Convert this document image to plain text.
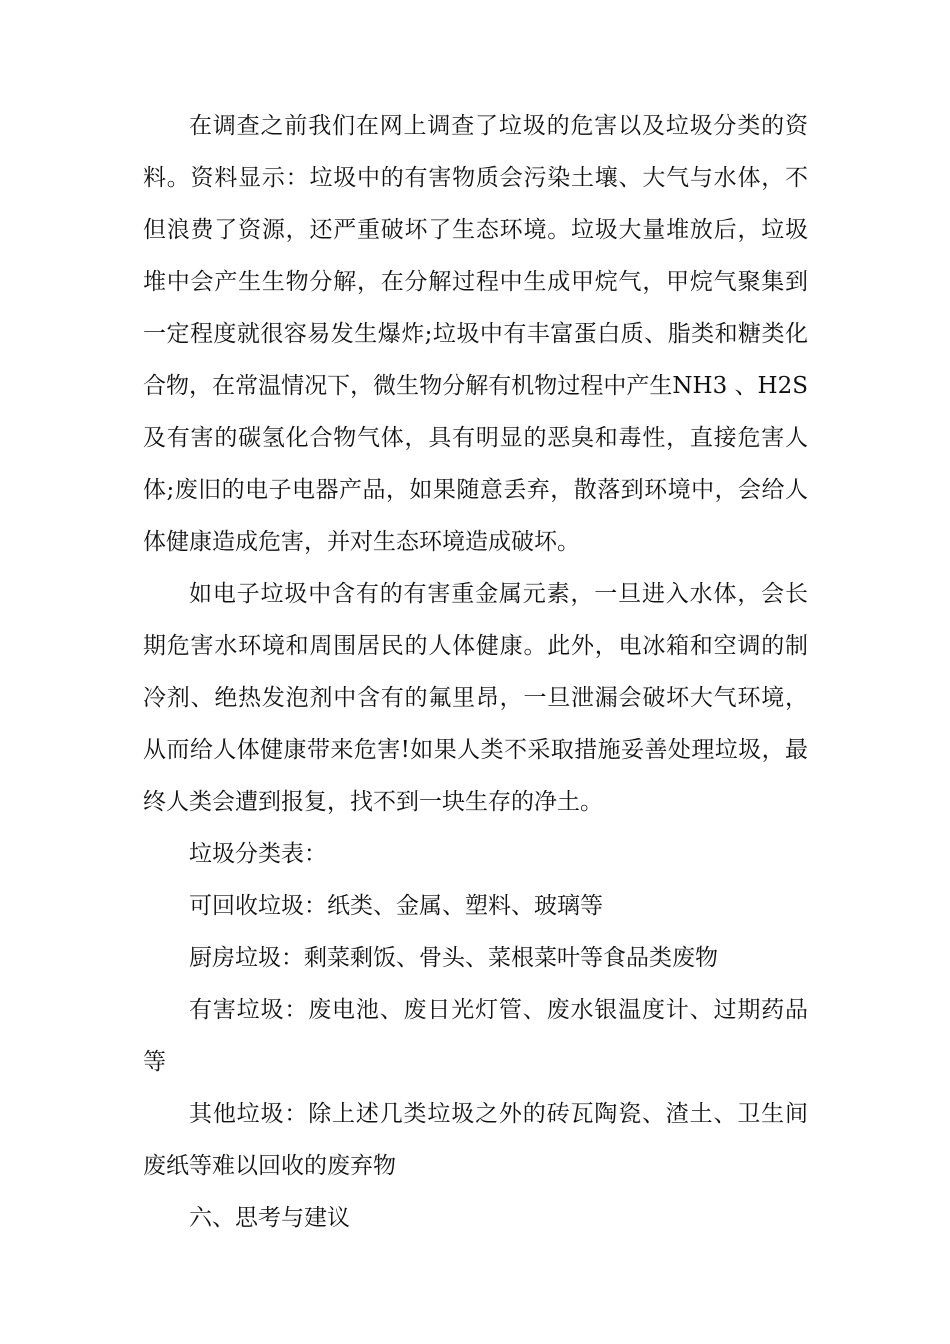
在调查之前我们在网上调查了垃圾的危害以及垃圾分类的资料。资料显示：垃圾中的有害物质会污染土壤、大气与水体，不但浪费了资源，还严重破坏了生态环境。垃圾大量堆放后，垃圾堆中会产生生物分解，在分解过程中生成甲烷气，甲烷气聚集到一定程度就很容易发生爆炸;垃圾中有丰富蛋白质、脂类和糖类化合物，在常温情况下，微生物分解有机物过程中产生NH3 、H2S 及有害的碳氢化合物气体，具有明显的恶臭和毒性，直接危害人体;废旧的电子电器产品，如果随意丢弃，散落到环境中，会给人体健康造成危害，并对生态环境造成破坏。

如电子垃圾中含有的有害重金属元素，一旦进入水体，会长期危害水环境和周围居民的人体健康。此外，电冰箱和空调的制冷剂、绝热发泡剂中含有的氟里昂，一旦泄漏会破坏大气环境，从而给人体健康带来危害!如果人类不采取措施妥善处理垃圾，最终人类会遭到报复，找不到一块生存的净土。

垃圾分类表：

可回收垃圾：纸类、金属、塑料、玻璃等

厨房垃圾：剩菜剩饭、骨头、菜根菜叶等食品类废物

有害垃圾：废电池、废日光灯管、废水银温度计、过期药品等

其他垃圾：除上述几类垃圾之外的砖瓦陶瓷、渣土、卫生间废纸等难以回收的废弃物

六、思考与建议
